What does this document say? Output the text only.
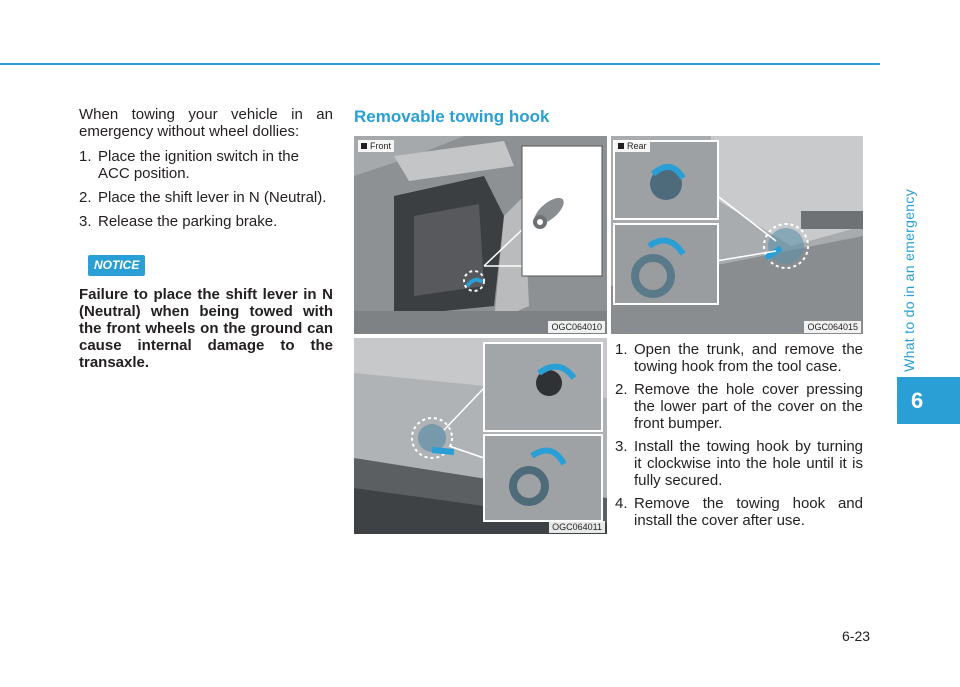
What to do in an emergency
6

When towing your vehicle in an emergency without wheel dollies:

1. Place the ignition switch in the ACC position.
2. Place the shift lever in N (Neutral).
3. Release the parking brake.
NOTICE

Failure to place the shift lever in N (Neutral) when being towed with the front wheels on the ground can cause internal damage to the transaxle.

Removable towing hook
Front
OGC064010
Rear
OGC064015
OGC064011
1. Open the trunk, and remove the towing hook from the tool case.
2. Remove the hole cover pressing the lower part of the cover on the front bumper.
3. Install the towing hook by turning it clockwise into the hole until it is fully secured.
4. Remove the towing hook and install the cover after use.
6-23
